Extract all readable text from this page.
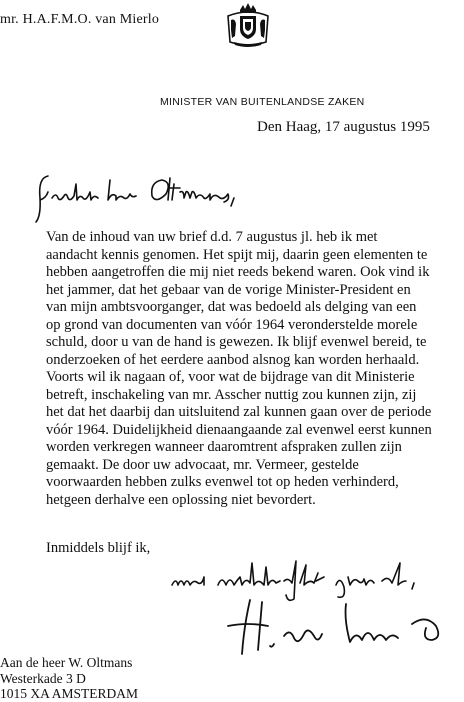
mr. H.A.F.M.O. van Mierlo
MINISTER VAN BUITENLANDSE ZAKEN
Den Haag, 17 augustus 1995
Van de inhoud van uw brief d.d. 7 augustus jl. heb ik met
aandacht kennis genomen. Het spijt mij, daarin geen elementen te
hebben aangetroffen die mij niet reeds bekend waren. Ook vind ik
het jammer, dat het gebaar van de vorige Minister-President en
van mijn ambtsvoorganger, dat was bedoeld als delging van een
op grond van documenten van vóór 1964 veronderstelde morele
schuld, door u van de hand is gewezen. Ik blijf evenwel bereid, te
onderzoeken of het eerdere aanbod alsnog kan worden herhaald.
Voorts wil ik nagaan of, voor wat de bijdrage van dit Ministerie
betreft, inschakeling van mr. Asscher nuttig zou kunnen zijn, zij
het dat het daarbij dan uitsluitend zal kunnen gaan over de periode
vóór 1964. Duidelijkheid dienaangaande zal evenwel eerst kunnen
worden verkregen wanneer daaromtrent afspraken zullen zijn
gemaakt. De door uw advocaat, mr. Vermeer, gestelde
voorwaarden hebben zulks evenwel tot op heden verhinderd,
hetgeen derhalve een oplossing niet bevordert.
Inmiddels blijf ik,
Aan de heer W. Oltmans
Westerkade 3 D
1015 XA AMSTERDAM
